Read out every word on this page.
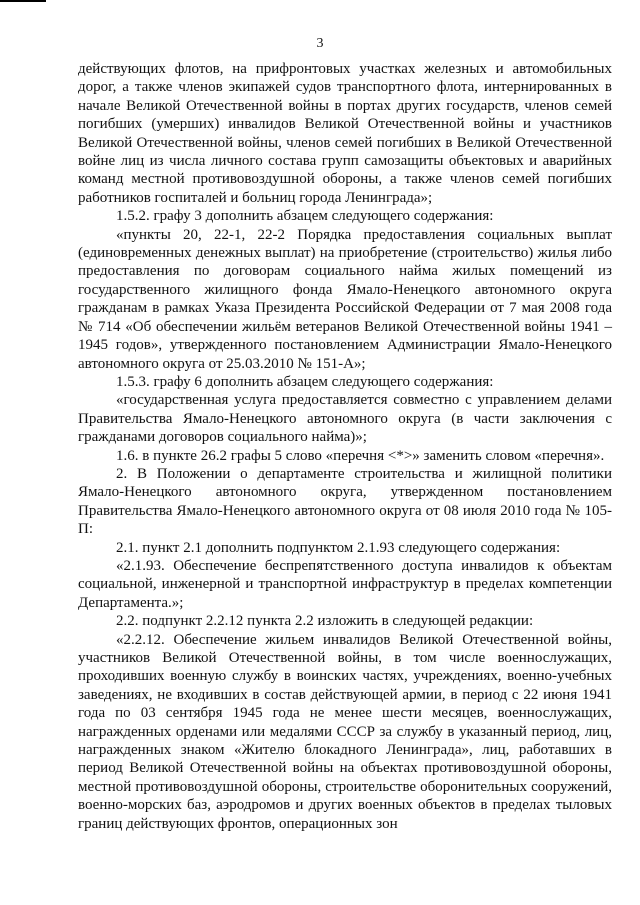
3

действующих флотов, на прифронтовых участках железных и автомобильных дорог, а также членов экипажей судов транспортного флота, интернированных в начале Великой Отечественной войны в портах других государств, членов семей погибших (умерших) инвалидов Великой Отечественной войны и участников Великой Отечественной войны, членов семей погибших в Великой Отечественной войне лиц из числа личного состава групп самозащиты объектовых и аварийных команд местной противовоздушной обороны, а также членов семей погибших работников госпиталей и больниц города Ленинграда»;

1.5.2. графу 3 дополнить абзацем следующего содержания:

«пункты 20, 22-1, 22-2 Порядка предоставления социальных выплат (единовременных денежных выплат) на приобретение (строительство) жилья либо предоставления по договорам социального найма жилых помещений из государственного жилищного фонда Ямало-Ненецкого автономного округа гражданам в рамках Указа Президента Российской Федерации от 7 мая 2008 года № 714 «Об обеспечении жильём ветеранов Великой Отечественной войны 1941 – 1945 годов», утвержденного постановлением Администрации Ямало-Ненецкого автономного округа от 25.03.2010 № 151-А»;

1.5.3. графу 6 дополнить абзацем следующего содержания:

«государственная услуга предоставляется совместно с управлением делами Правительства Ямало-Ненецкого автономного округа (в части заключения с гражданами договоров социального найма)»;

1.6. в пункте 26.2 графы 5 слово «перечня <*>» заменить словом «перечня».

2. В Положении о департаменте строительства и жилищной политики Ямало-Ненецкого автономного округа, утвержденном постановлением Правительства Ямало-Ненецкого автономного округа от 08 июля 2010 года № 105-П:

2.1. пункт 2.1 дополнить подпунктом 2.1.93 следующего содержания:

«2.1.93. Обеспечение беспрепятственного доступа инвалидов к объектам социальной, инженерной и транспортной инфраструктур в пределах компетенции Департамента.»;

2.2. подпункт 2.2.12 пункта 2.2 изложить в следующей редакции:

«2.2.12. Обеспечение жильем инвалидов Великой Отечественной войны, участников Великой Отечественной войны, в том числе военнослужащих, проходивших военную службу в воинских частях, учреждениях, военно-учебных заведениях, не входивших в состав действующей армии, в период с 22 июня 1941 года по 03 сентября 1945 года не менее шести месяцев, военнослужащих, награжденных орденами или медалями СССР за службу в указанный период, лиц, награжденных знаком «Жителю блокадного Ленинграда», лиц, работавших в период Великой Отечественной войны на объектах противовоздушной обороны, местной противовоздушной обороны, строительстве оборонительных сооружений, военно-морских баз, аэродромов и других военных объектов в пределах тыловых границ действующих фронтов, операционных зон
